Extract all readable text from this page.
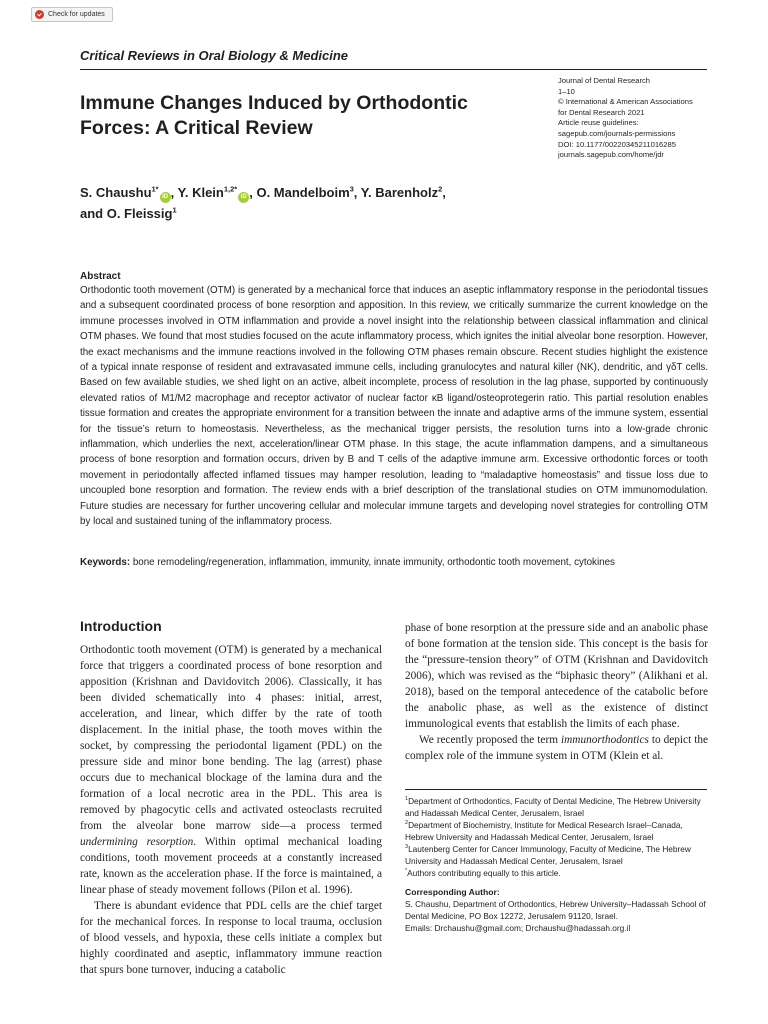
Check for updates
Critical Reviews in Oral Biology & Medicine
Immune Changes Induced by Orthodontic
Forces: A Critical Review
Journal of Dental Research
1–10
© International & American Associations
for Dental Research 2021
Article reuse guidelines:
sagepub.com/journals-permissions
DOI: 10.1177/00220345211016285
journals.sagepub.com/home/jdr
S. Chaushu$^{1*}$iD , Y. Klein$^{1,2*}$iD , O. Mandelboim$^3$, Y. Barenholz$^2$,
and O. Fleissig$^1$
Abstract
Orthodontic tooth movement (OTM) is generated by a mechanical force that induces an aseptic inflammatory response in the periodontal tissues and a subsequent coordinated process of bone resorption and apposition. In this review, we critically summarize the current knowledge on the immune processes involved in OTM inflammation and provide a novel insight into the relationship between classical inflammation and clinical OTM phases. We found that most studies focused on the acute inflammatory process, which ignites the initial alveolar bone resorption. However, the exact mechanisms and the immune reactions involved in the following OTM phases remain obscure. Recent studies highlight the existence of a typical innate response of resident and extravasated immune cells, including granulocytes and natural killer (NK), dendritic, and γδT cells. Based on few available studies, we shed light on an active, albeit incomplete, process of resolution in the lag phase, supported by continuously elevated ratios of M1/M2 macrophage and receptor activator of nuclear factor κB ligand/osteoprotegerin ratio. This partial resolution enables tissue formation and creates the appropriate environment for a transition between the innate and adaptive arms of the immune system, essential for the tissue’s return to homeostasis. Nevertheless, as the mechanical trigger persists, the resolution turns into a low-grade chronic inflammation, which underlies the next, acceleration/linear OTM phase. In this stage, the acute inflammation dampens, and a simultaneous process of bone resorption and formation occurs, driven by B and T cells of the adaptive immune arm. Excessive orthodontic forces or tooth movement in periodontally affected inflamed tissues may hamper resolution, leading to “maladaptive homeostasis” and tissue loss due to uncoupled bone resorption and formation. The review ends with a brief description of the translational studies on OTM immunomodulation. Future studies are necessary for further uncovering cellular and molecular immune targets and developing novel strategies for controlling OTM by local and sustained tuning of the inflammatory process.
Keywords: bone remodeling/regeneration, inflammation, immunity, innate immunity, orthodontic tooth movement, cytokines
Introduction

Orthodontic tooth movement (OTM) is generated by a mechanical force that triggers a coordinated process of bone resorption and apposition (Krishnan and Davidovitch 2006). Classically, it has been divided schematically into 4 phases: initial, arrest, acceleration, and linear, which differ by the rate of tooth displacement. In the initial phase, the tooth moves within the socket, by compressing the periodontal ligament (PDL) on the pressure side and minor bone bending. The lag (arrest) phase occurs due to mechanical blockage of the lamina dura and the formation of a local necrotic area in the PDL. This area is removed by phagocytic cells and activated osteoclasts recruited from the alveolar bone marrow side—a process termed undermining resorption. Within optimal mechanical loading conditions, tooth movement proceeds at a constantly increased rate, known as the acceleration phase. If the force is maintained, a linear phase of steady movement follows (Pilon et al. 1996).

There is abundant evidence that PDL cells are the chief target for the mechanical forces. In response to local trauma, occlusion of blood vessels, and hypoxia, these cells initiate a complex but highly coordinated and aseptic, inflammatory immune reaction that spurs bone turnover, inducing a catabolic

phase of bone resorption at the pressure side and an anabolic phase of bone formation at the tension side. This concept is the basis for the “pressure-tension theory” of OTM (Krishnan and Davidovitch 2006), which was revised as the “biphasic theory” (Alikhani et al. 2018), based on the temporal antecedence of the catabolic before the anabolic phase, as well as the existence of distinct immunological events that establish the limits of each phase.

We recently proposed the term immunorthodontics to depict the complex role of the immune system in OTM (Klein et al.

$^1$Department of Orthodontics, Faculty of Dental Medicine, The Hebrew University and Hadassah Medical Center, Jerusalem, Israel

$^2$Department of Biochemistry, Institute for Medical Research Israel–Canada, Hebrew University and Hadassah Medical Center, Jerusalem, Israel

$^3$Lautenberg Center for Cancer Immunology, Faculty of Medicine, The Hebrew University and Hadassah Medical Center, Jerusalem, Israel

*Authors contributing equally to this article.

Corresponding Author:

S. Chaushu, Department of Orthodontics, Hebrew University–Hadassah School of Dental Medicine, PO Box 12272, Jerusalem 91120, Israel.

Emails: Drchaushu@gmail.com; Drchaushu@hadassah.org.il
